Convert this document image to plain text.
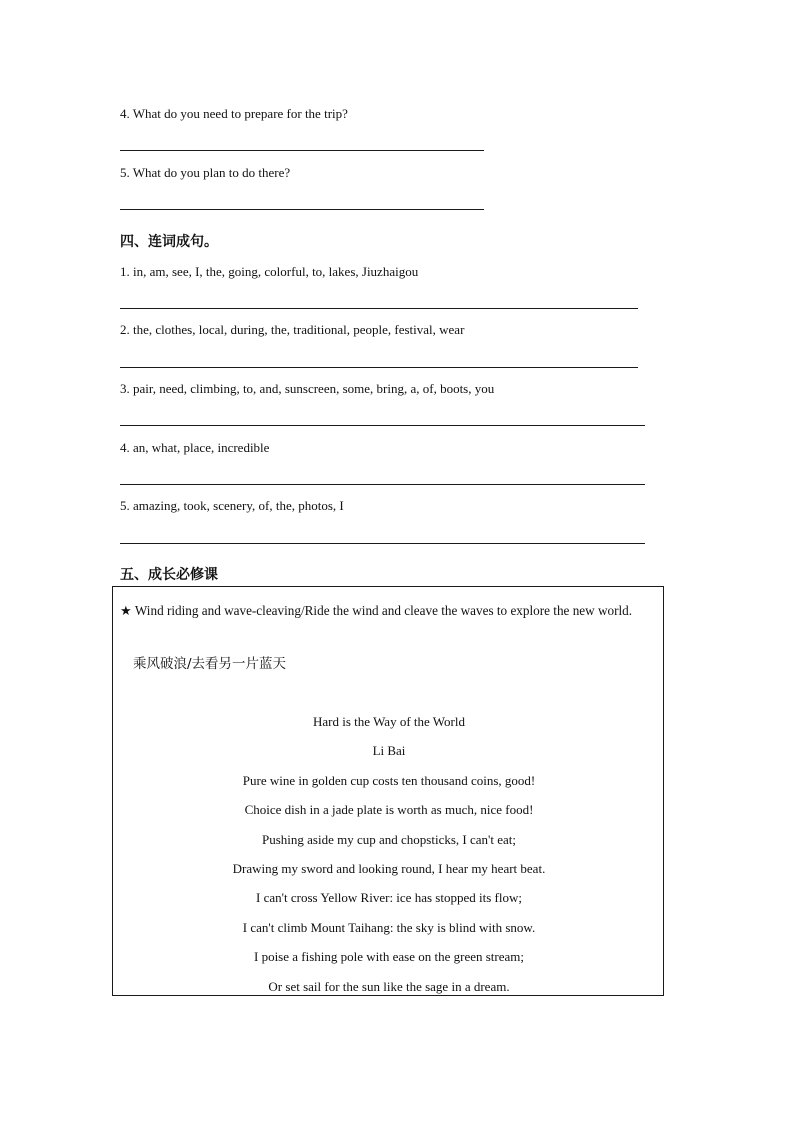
4. What do you need to prepare for the trip?
5. What do you plan to do there?
四、连词成句。
1. in, am, see, I, the, going, colorful, to, lakes, Jiuzhaigou
2. the, clothes, local, during, the, traditional, people, festival, wear
3. pair, need, climbing, to, and, sunscreen, some, bring, a, of, boots, you
4. an, what, place, incredible
5. amazing, took, scenery, of, the, photos, I
五、成长必修课
★ Wind riding and wave-cleaving/Ride the wind and cleave the waves to explore the new world.
乘风破浪/去看另一片蓝天
Hard is the Way of the World
Li Bai
Pure wine in golden cup costs ten thousand coins, good!
Choice dish in a jade plate is worth as much, nice food!
Pushing aside my cup and chopsticks, I can't eat;
Drawing my sword and looking round, I hear my heart beat.
I can't cross Yellow River: ice has stopped its flow;
I can't climb Mount Taihang: the sky is blind with snow.
I poise a fishing pole with ease on the green stream;
Or set sail for the sun like the sage in a dream.
